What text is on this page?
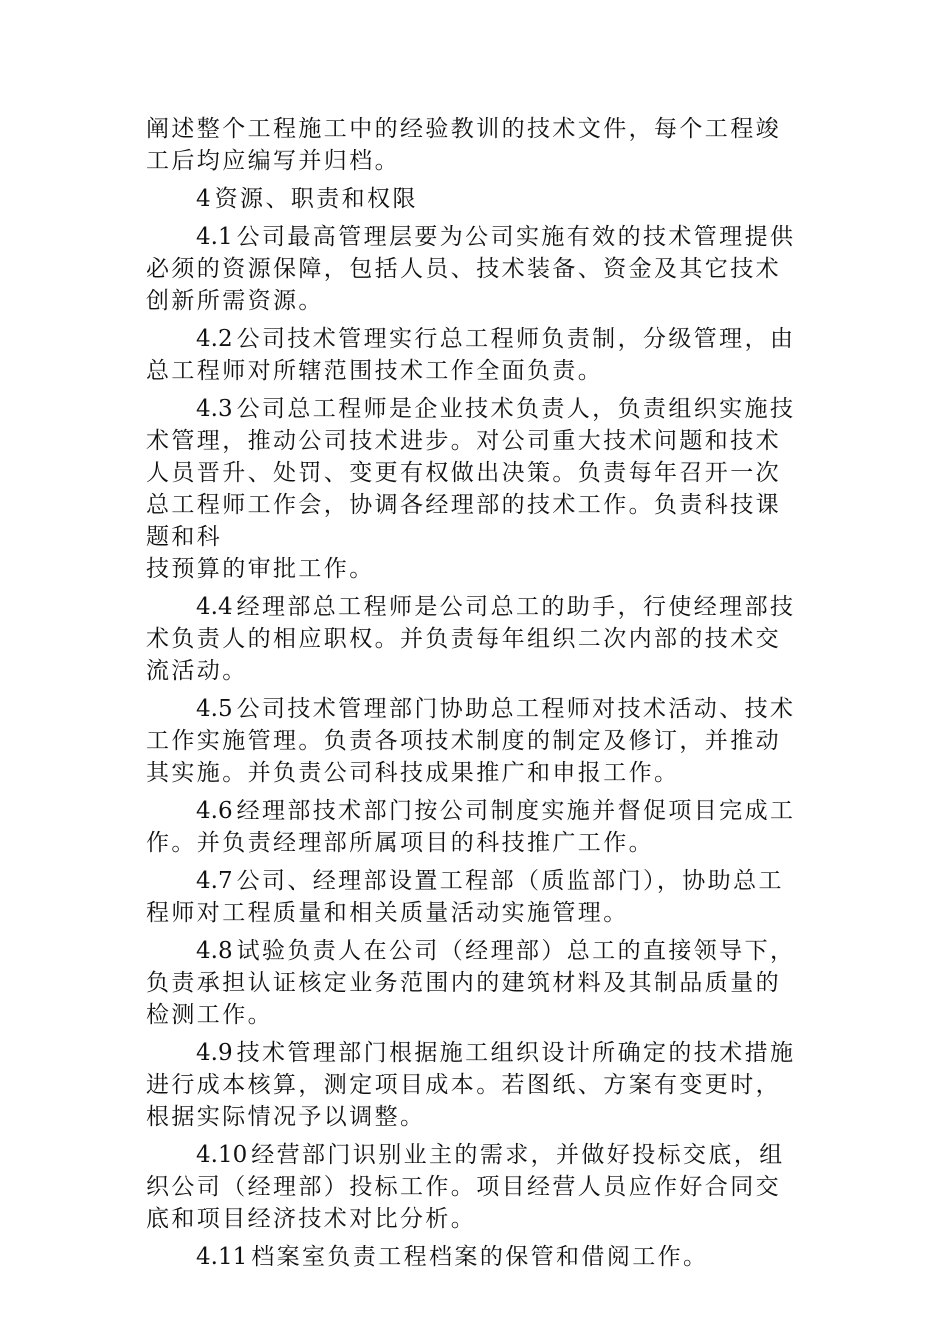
阐述整个工程施工中的经验教训的技术文件，每个工程竣
工后均应编写并归档。
4 资源、职责和权限
4.1 公司最高管理层要为公司实施有效的技术管理提供
必须的资源保障，包括人员、技术装备、资金及其它技术
创新所需资源。
4.2 公司技术管理实行总工程师负责制，分级管理，由
总工程师对所辖范围技术工作全面负责。
4.3 公司总工程师是企业技术负责人，负责组织实施技
术管理，推动公司技术进步。对公司重大技术问题和技术
人员晋升、处罚、变更有权做出决策。负责每年召开一次
总工程师工作会，协调各经理部的技术工作。负责科技课
题和科
技预算的审批工作。
4.4 经理部总工程师是公司总工的助手，行使经理部技
术负责人的相应职权。并负责每年组织二次内部的技术交
流活动。
4.5 公司技术管理部门协助总工程师对技术活动、技术
工作实施管理。负责各项技术制度的制定及修订，并推动
其实施。并负责公司科技成果推广和申报工作。
4.6 经理部技术部门按公司制度实施并督促项目完成工
作。并负责经理部所属项目的科技推广工作。
4.7 公司、经理部设置工程部（质监部门），协助总工
程师对工程质量和相关质量活动实施管理。
4.8 试验负责人在公司（经理部）总工的直接领导下，
负责承担认证核定业务范围内的建筑材料及其制品质量的
检测工作。
4.9 技术管理部门根据施工组织设计所确定的技术措施
进行成本核算，测定项目成本。若图纸、方案有变更时，
根据实际情况予以调整。
4.10 经营部门识别业主的需求，并做好投标交底，组
织公司（经理部）投标工作。项目经营人员应作好合同交
底和项目经济技术对比分析。
4.11 档案室负责工程档案的保管和借阅工作。
